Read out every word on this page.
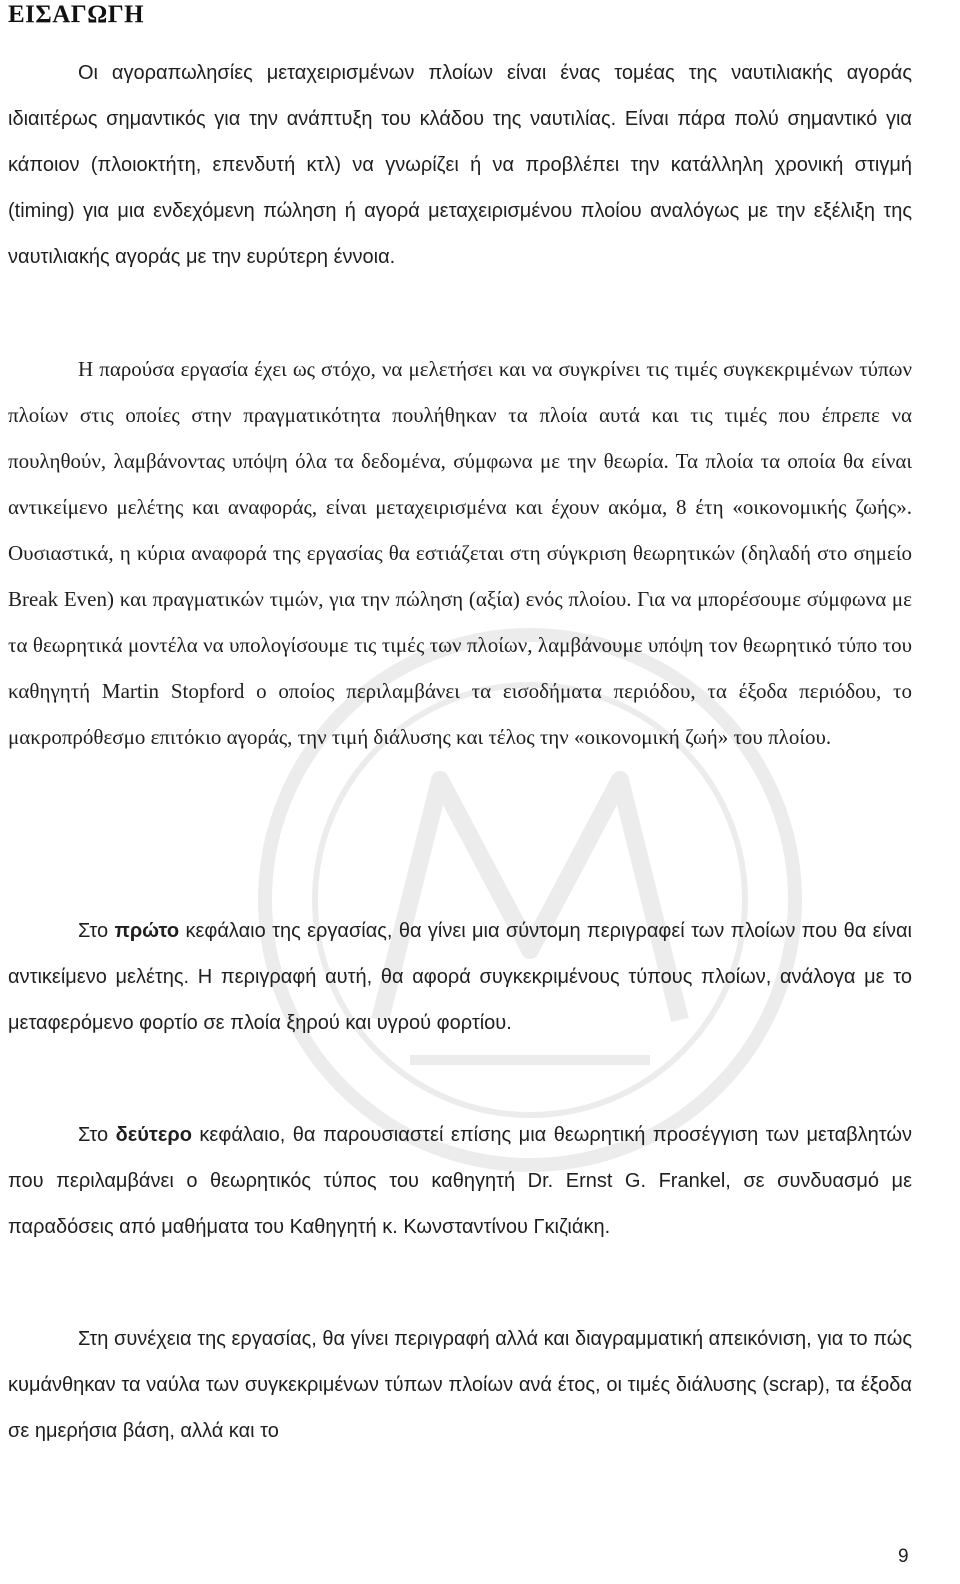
ΕΙΣΑΓΩΓΗ

Οι αγοραπωλησίες μεταχειρισμένων πλοίων είναι ένας τομέας της ναυτιλιακής αγοράς ιδιαιτέρως σημαντικός για την ανάπτυξη του κλάδου της ναυτιλίας. Είναι πάρα πολύ σημαντικό για κάποιον (πλοιοκτήτη, επενδυτή κτλ) να γνωρίζει ή να προβλέπει την κατάλληλη χρονική στιγμή (timing) για μια ενδεχόμενη πώληση ή αγορά μεταχειρισμένου πλοίου αναλόγως με την εξέλιξη της ναυτιλιακής αγοράς με την ευρύτερη έννοια.

Η παρούσα εργασία έχει ως στόχο, να μελετήσει και να συγκρίνει τις τιμές συγκεκριμένων τύπων πλοίων στις οποίες στην πραγματικότητα πουλήθηκαν τα πλοία αυτά και τις τιμές που έπρεπε να πουληθούν, λαμβάνοντας υπόψη όλα τα δεδομένα, σύμφωνα με την θεωρία. Τα πλοία τα οποία θα είναι αντικείμενο μελέτης και αναφοράς, είναι μεταχειρισμένα και έχουν ακόμα, 8 έτη «οικονομικής ζωής». Ουσιαστικά, η κύρια αναφορά της εργασίας θα εστιάζεται στη σύγκριση θεωρητικών (δηλαδή στο σημείο Break Even) και πραγματικών τιμών, για την πώληση (αξία) ενός πλοίου. Για να μπορέσουμε σύμφωνα με τα θεωρητικά μοντέλα να υπολογίσουμε τις τιμές των πλοίων, λαμβάνουμε υπόψη τον θεωρητικό τύπο του καθηγητή Martin Stopford ο οποίος περιλαμβάνει τα εισοδήματα περιόδου, τα έξοδα περιόδου, το μακροπρόθεσμο επιτόκιο αγοράς, την τιμή διάλυσης και τέλος την «οικονομική ζωή» του πλοίου.

Στο πρώτο κεφάλαιο της εργασίας, θα γίνει μια σύντομη περιγραφεί των πλοίων που θα είναι αντικείμενο μελέτης. Η περιγραφή αυτή, θα αφορά συγκεκριμένους τύπους πλοίων, ανάλογα με το μεταφερόμενο φορτίο σε πλοία ξηρού και υγρού φορτίου.

Στο δεύτερο κεφάλαιο, θα παρουσιαστεί επίσης μια θεωρητική προσέγγιση των μεταβλητών που περιλαμβάνει ο θεωρητικός τύπος του καθηγητή Dr. Ernst G. Frankel, σε συνδυασμό με παραδόσεις από μαθήματα του Καθηγητή κ. Κωνσταντίνου Γκιζιάκη.

Στη συνέχεια της εργασίας, θα γίνει περιγραφή αλλά και διαγραμματική απεικόνιση, για το πώς κυμάνθηκαν τα ναύλα των συγκεκριμένων τύπων πλοίων ανά έτος, οι τιμές διάλυσης (scrap), τα έξοδα σε ημερήσια βάση, αλλά και το

9
